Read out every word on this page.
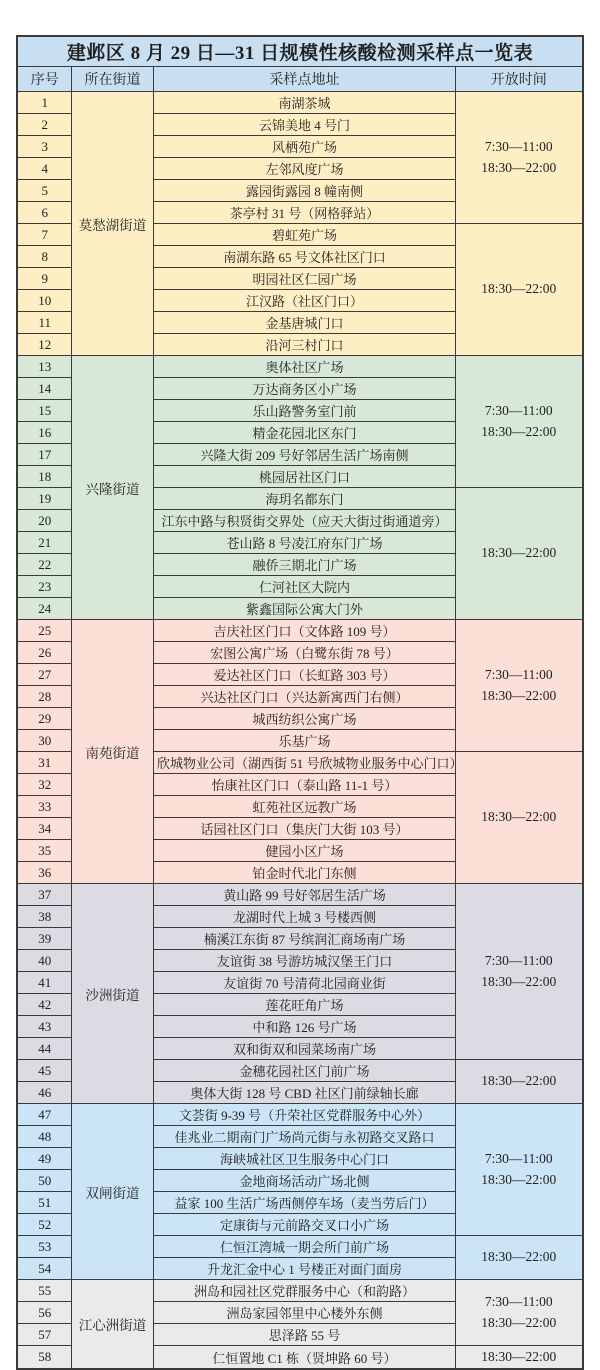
建邺区 8 月 29 日—31 日规模性核酸检测采样点一览表			
序号	所在街道	采样点地址	开放时间
1	莫愁湖街道	南湖茶城	7:30—11:00
18:30—22:00

2		云锦美地 4 号门	
3		风栖苑广场	
4		左邻风度广场	
5		露园街露园 8 幢南侧	
6		茶亭村 31 号（网格驿站）	
7		碧虹苑广场	18:30—22:00

8		南湖东路 65 号文体社区门口	
9		明园社区仁园广场	
10		江汉路（社区门口）	
11		金基唐城门口	
12		沿河三村门口	
13	兴隆街道	奥体社区广场	7:30—11:00
18:30—22:00

14		万达商务区小广场	
15		乐山路警务室门前	
16		精金花园北区东门	
17		兴隆大街 209 号好邻居生活广场南侧	
18		桃园居社区门口	
19		海玥名都东门	18:30—22:00

20		江东中路与积贤街交界处（应天大街过街通道旁）	
21		苍山路 8 号凌江府东门广场	
22		融侨三期北门广场	
23		仁河社区大院内	
24		紫鑫国际公寓大门外	
25	南苑街道	吉庆社区门口（文体路 109 号）	7:30—11:00
18:30—22:00

26		宏图公寓广场（白鹭东街 78 号）	
27		爱达社区门口（长虹路 303 号）	
28		兴达社区门口（兴达新寓西门右侧）	
29		城西纺织公寓广场	
30		乐基广场	
31		欣城物业公司（湖西街 51 号欣城物业服务中心门口）	18:30—22:00

32		怡康社区门口（泰山路 11-1 号）	
33		虹苑社区远教广场	
34		话园社区门口（集庆门大街 103 号）	
35		健园小区广场	
36		铂金时代北门东侧	
37	沙洲街道	黄山路 99 号好邻居生活广场	7:30—11:00
18:30—22:00

38		龙湖时代上城 3 号楼西侧	
39		楠溪江东街 87 号缤润汇商场南广场	
40		友谊街 38 号游坊城汉堡王门口	
41		友谊街 70 号清荷北园商业街	
42		莲花旺角广场	
43		中和路 126 号广场	
44		双和街双和园菜场南广场	
45		金穗花园社区门前广场	18:30—22:00

46		奥体大街 128 号 CBD 社区门前绿轴长廊	
47	双闸街道	文荟街 9-39 号（升荣社区党群服务中心外）	7:30—11:00
18:30—22:00

48		佳兆业二期南门广场尚元街与永初路交叉路口	
49		海峡城社区卫生服务中心门口	
50		金地商场活动广场北侧	
51		益家 100 生活广场西侧停车场（麦当劳后门）	
52		定康街与元前路交叉口小广场	
53		仁恒江湾城一期会所门前广场	18:30—22:00

54		升龙汇金中心 1 号楼正对面门面房	
55	江心洲街道	洲岛和园社区党群服务中心（和韵路）	7:30—11:00
18:30—22:00

56		洲岛家园邻里中心楼外东侧	
57		思泽路 55 号	
58		仁恒置地 C1 栋（贤坤路 60 号）	18:30—22:00
